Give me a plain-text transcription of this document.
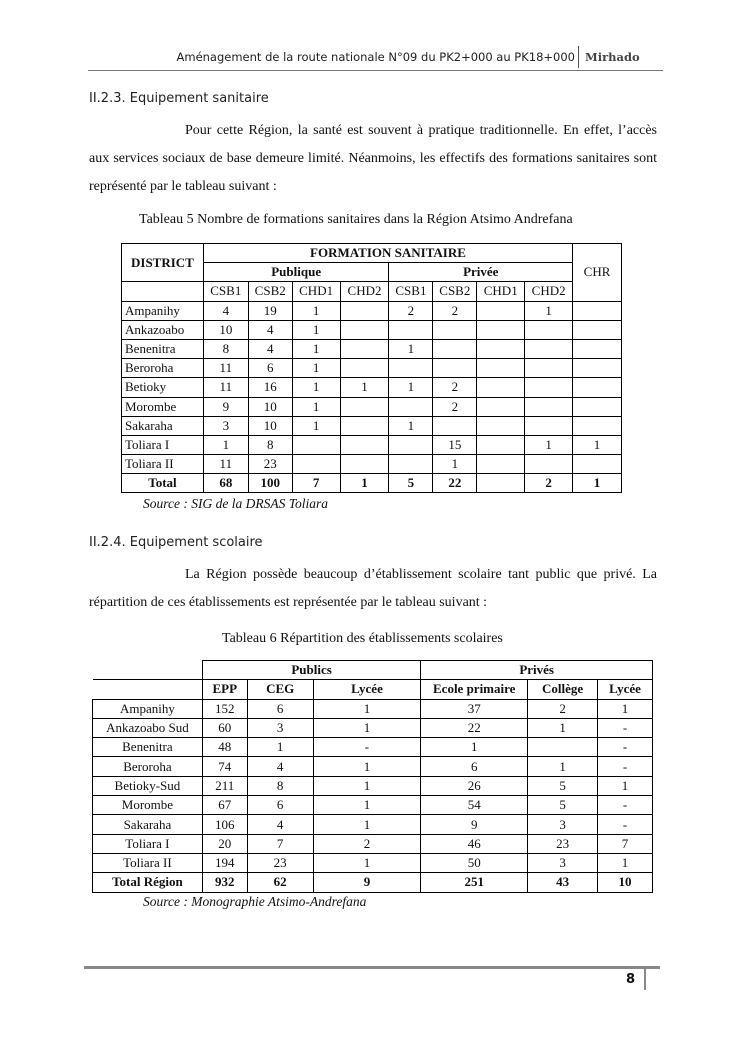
Aménagement de la route nationale N°09 du PK2+000 au PK18+000 Mirhado
II.2.3. Equipement sanitaire
Pour cette Région, la santé est souvent à pratique traditionnelle. En effet, l’accès aux services sociaux de base demeure limité. Néanmoins, les effectifs des formations sanitaires sont représenté par le tableau suivant :
Tableau 5 Nombre de formations sanitaires dans la Région Atsimo Andrefana
DISTRICT	FORMATION SANITAIRE								CHR
	Publique				Privée				
	CSB1	CSB2	CHD1	CHD2	CSB1	CSB2	CHD1	CHD2	
Ampanihy	4	19	1		2	2		1	
Ankazoabo	10	4	1						
Benenitra	8	4	1		1				
Beroroha	11	6	1						
Betioky	11	16	1	1	1	2			
Morombe	9	10	1			2			
Sakaraha	3	10	1		1				
Toliara I	1	8				15		1	1
Toliara II	11	23				1			
Total	68	100	7	1	5	22		2	1
Source : SIG de la DRSAS Toliara
II.2.4. Equipement scolaire
La Région possède beaucoup d’établissement scolaire tant public que privé. La répartition de ces établissements est représentée par le tableau suivant :
Tableau 6 Répartition des établissements scolaires
	Publics			Privés		
	EPP	CEG	Lycée	Ecole primaire	Collège	Lycée
Ampanihy	152	6	1	37	2	1
Ankazoabo Sud	60	3	1	22	1	-
Benenitra	48	1	-	1		-
Beroroha	74	4	1	6	1	-
Betioky-Sud	211	8	1	26	5	1
Morombe	67	6	1	54	5	-
Sakaraha	106	4	1	9	3	-
Toliara I	20	7	2	46	23	7
Toliara II	194	23	1	50	3	1
Total Région	932	62	9	251	43	10
Source : Monographie Atsimo-Andrefana
8
